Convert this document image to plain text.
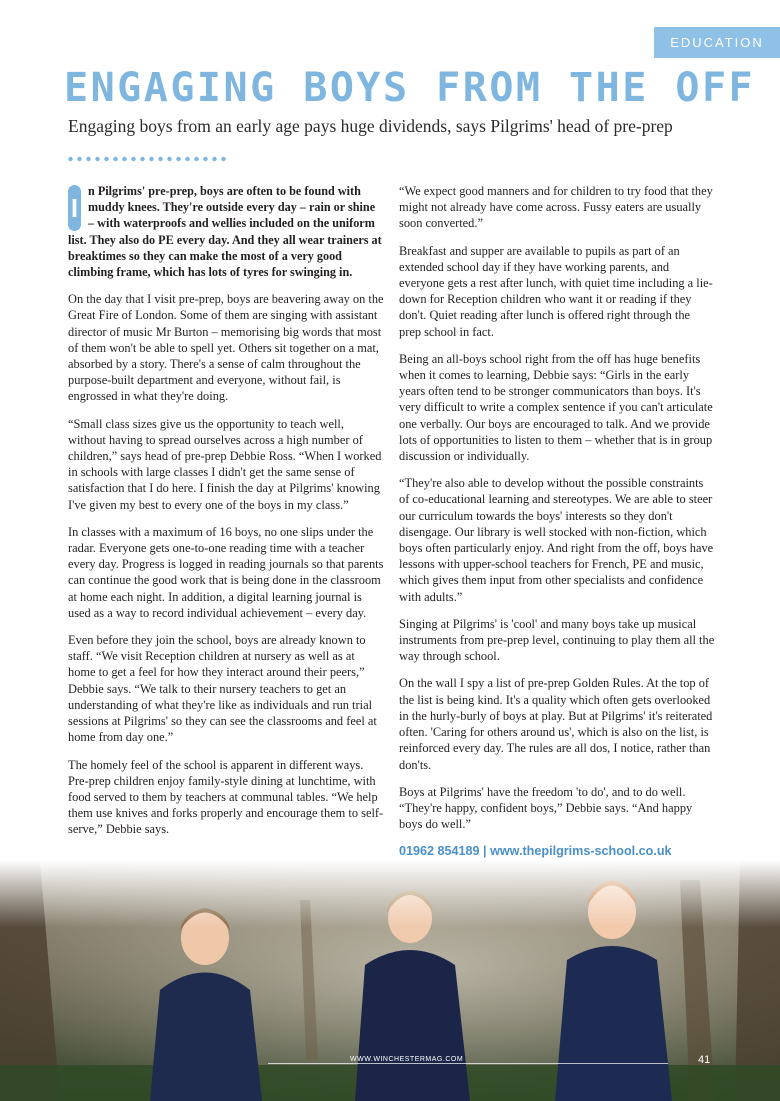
EDUCATION
ENGAGING BOYS FROM THE OFF

Engaging boys from an early age pays huge dividends, says Pilgrims' head of pre-prep

I
n Pilgrims' pre-prep, boys are often to be found with muddy knees. They're outside every day – rain or shine – with waterproofs and wellies included on the uniform list. They also do PE every day. And they all wear trainers at breaktimes so they can make the most of a very good climbing frame, which has lots of tyres for swinging in.

On the day that I visit pre-prep, boys are beavering away on the Great Fire of London. Some of them are singing with assistant director of music Mr Burton – memorising big words that most of them won't be able to spell yet. Others sit together on a mat, absorbed by a story. There's a sense of calm throughout the purpose-built department and everyone, without fail, is engrossed in what they're doing.

“Small class sizes give us the opportunity to teach well, without having to spread ourselves across a high number of children,” says head of pre-prep Debbie Ross. “When I worked in schools with large classes I didn't get the same sense of satisfaction that I do here. I finish the day at Pilgrims' knowing I've given my best to every one of the boys in my class.”

In classes with a maximum of 16 boys, no one slips under the radar. Everyone gets one-to-one reading time with a teacher every day. Progress is logged in reading journals so that parents can continue the good work that is being done in the classroom at home each night. In addition, a digital learning journal is used as a way to record individual achievement – every day.

Even before they join the school, boys are already known to staff. “We visit Reception children at nursery as well as at home to get a feel for how they interact around their peers,” Debbie says. “We talk to their nursery teachers to get an understanding of what they're like as individuals and run trial sessions at Pilgrims' so they can see the classrooms and feel at home from day one.”

The homely feel of the school is apparent in different ways. Pre-prep children enjoy family-style dining at lunchtime, with food served to them by teachers at communal tables. “We help them use knives and forks properly and encourage them to self-serve,” Debbie says.

“We expect good manners and for children to try food that they might not already have come across. Fussy eaters are usually soon converted.”

Breakfast and supper are available to pupils as part of an extended school day if they have working parents, and everyone gets a rest after lunch, with quiet time including a lie-down for Reception children who want it or reading if they don't. Quiet reading after lunch is offered right through the prep school in fact.

Being an all-boys school right from the off has huge benefits when it comes to learning, Debbie says: “Girls in the early years often tend to be stronger communicators than boys. It's very difficult to write a complex sentence if you can't articulate one verbally. Our boys are encouraged to talk. And we provide lots of opportunities to listen to them – whether that is in group discussion or individually.

“They're also able to develop without the possible constraints of co-educational learning and stereotypes. We are able to steer our curriculum towards the boys' interests so they don't disengage. Our library is well stocked with non-fiction, which boys often particularly enjoy. And right from the off, boys have lessons with upper-school teachers for French, PE and music, which gives them input from other specialists and confidence with adults.”

Singing at Pilgrims' is 'cool' and many boys take up musical instruments from pre-prep level, continuing to play them all the way through school.

On the wall I spy a list of pre-prep Golden Rules. At the top of the list is being kind. It's a quality which often gets overlooked in the hurly-burly of boys at play. But at Pilgrims' it's reiterated often. 'Caring for others around us', which is also on the list, is reinforced every day. The rules are all dos, I notice, rather than don'ts.

Boys at Pilgrims' have the freedom 'to do', and to do well. “They're happy, confident boys,” Debbie says. “And happy boys do well.”

01962 854189 | www.thepilgrims-school.co.uk

WWW.WINCHESTERMAG.COM	41
